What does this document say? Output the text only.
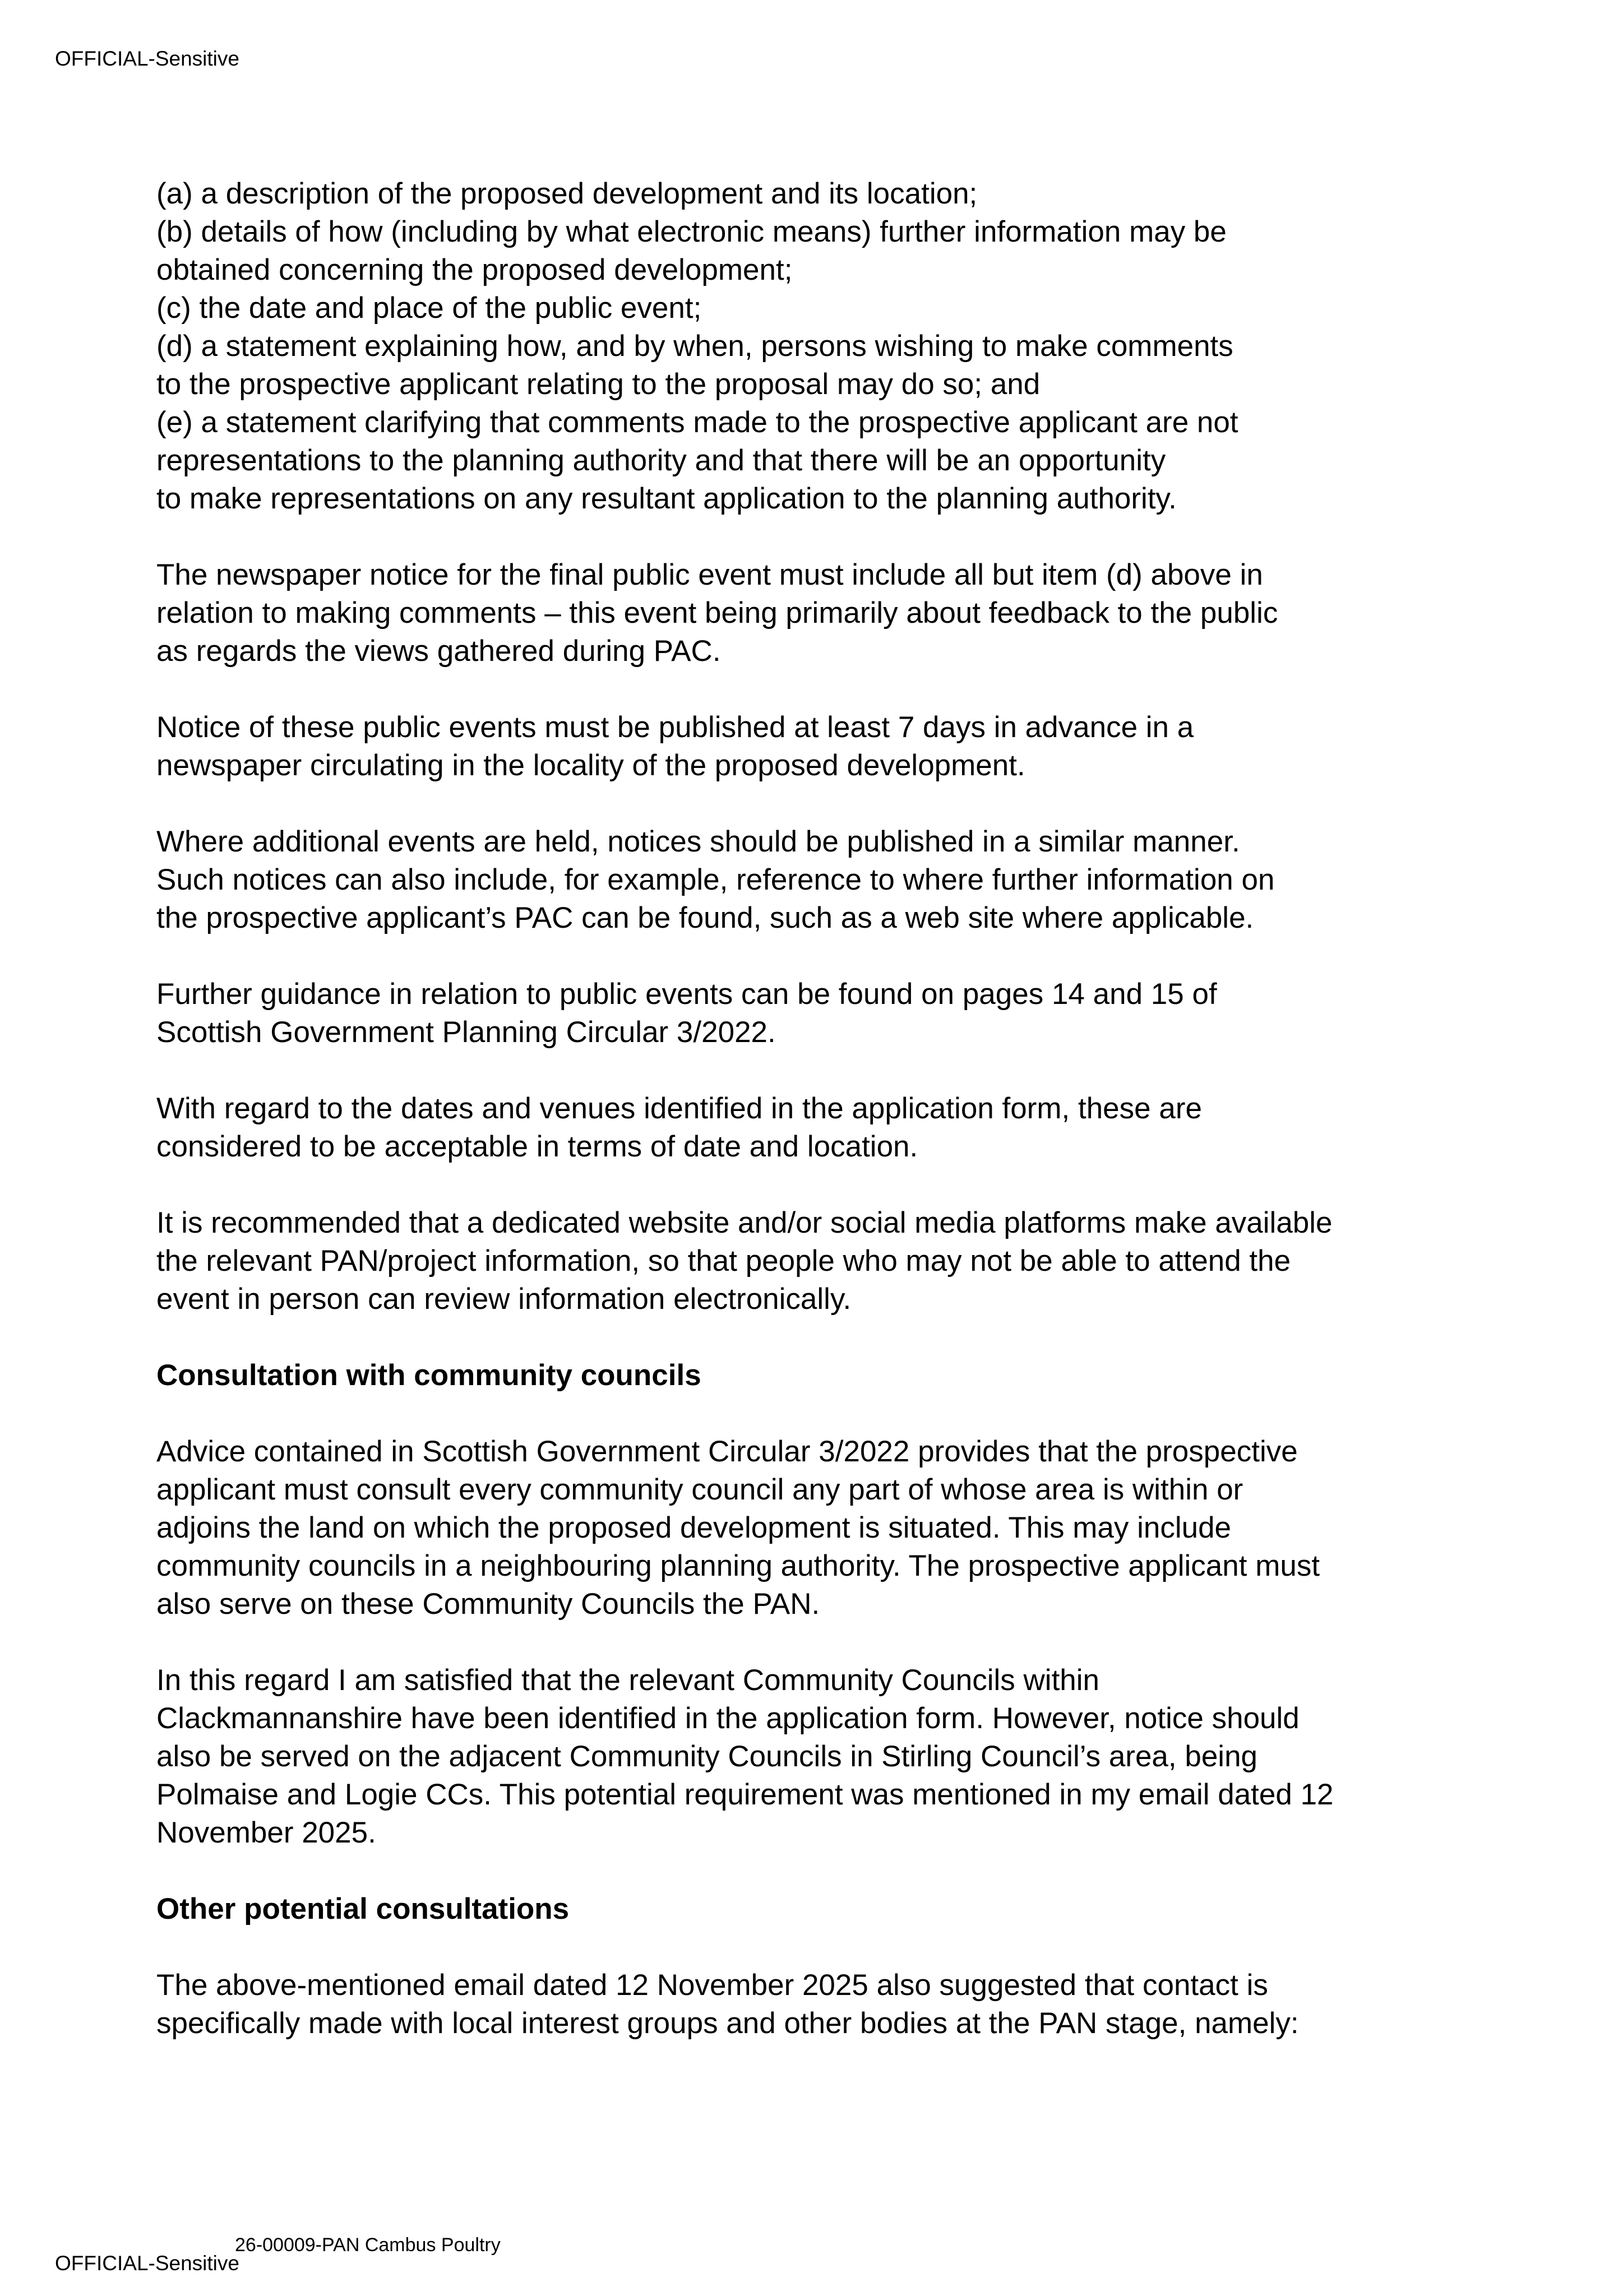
OFFICIAL-Sensitive
(a) a description of the proposed development and its location;
(b) details of how (including by what electronic means) further information may be
obtained concerning the proposed development;
(c) the date and place of the public event;
(d) a statement explaining how, and by when, persons wishing to make comments
to the prospective applicant relating to the proposal may do so; and
(e) a statement clarifying that comments made to the prospective applicant are not
representations to the planning authority and that there will be an opportunity
to make representations on any resultant application to the planning authority.
The newspaper notice for the final public event must include all but item (d) above in
relation to making comments – this event being primarily about feedback to the public
as regards the views gathered during PAC.
Notice of these public events must be published at least 7 days in advance in a
newspaper circulating in the locality of the proposed development.
Where additional events are held, notices should be published in a similar manner.
Such notices can also include, for example, reference to where further information on
the prospective applicant’s PAC can be found, such as a web site where applicable.
Further guidance in relation to public events can be found on pages 14 and 15 of
Scottish Government Planning Circular 3/2022.
With regard to the dates and venues identified in the application form, these are
considered to be acceptable in terms of date and location.
It is recommended that a dedicated website and/or social media platforms make available
the relevant PAN/project information, so that people who may not be able to attend the
event in person can review information electronically.
Consultation with community councils
Advice contained in Scottish Government Circular 3/2022 provides that the prospective
applicant must consult every community council any part of whose area is within or
adjoins the land on which the proposed development is situated. This may include
community councils in a neighbouring planning authority. The prospective applicant must
also serve on these Community Councils the PAN.
In this regard I am satisfied that the relevant Community Councils within
Clackmannanshire have been identified in the application form. However, notice should
also be served on the adjacent Community Councils in Stirling Council’s area, being
Polmaise and Logie CCs. This potential requirement was mentioned in my email dated 12
November 2025.
Other potential consultations
The above-mentioned email dated 12 November 2025 also suggested that contact is
specifically made with local interest groups and other bodies at the PAN stage, namely:
26-00009-PAN Cambus Poultry
OFFICIAL-Sensitive
